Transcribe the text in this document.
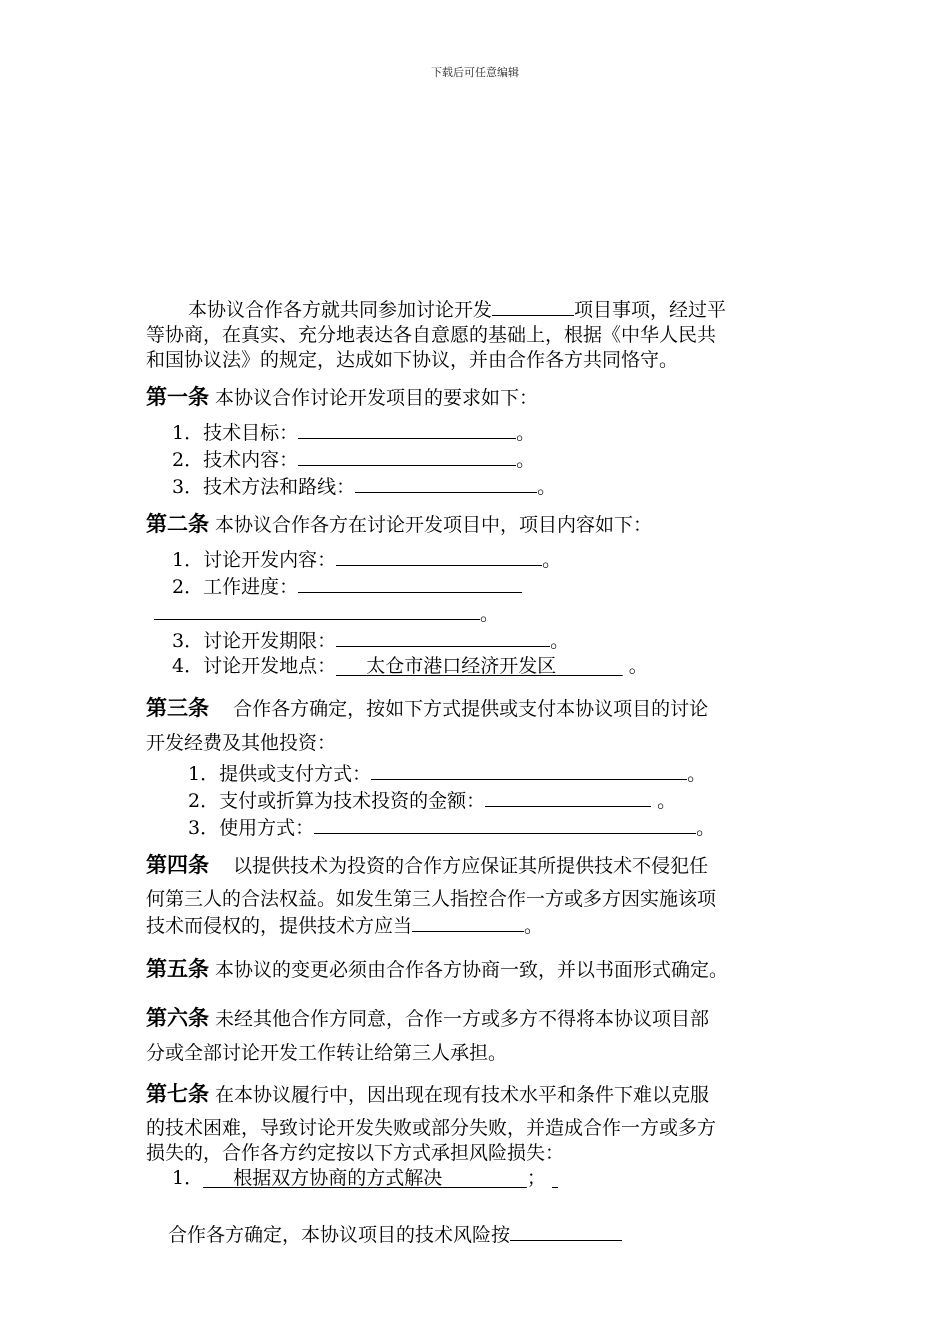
下载后可任意编辑

本协议合作各方就共同参加讨论开发	项目事项，经过平
等协商，在真实、充分地表达各自意愿的基础上，根据《中华人民共
和国协议法》的规定，达成如下协议，并由合作各方共同恪守。

第一条 本协议合作讨论开发项目的要求如下：

1．技术目标：	。

2．技术内容：	。

3．技术方法和路线：	。

第二条 本协议合作各方在讨论开发项目中，项目内容如下：

1．讨论开发内容：	。

2．工作进度：

。

3．讨论开发期限：	。

4．讨论开发地点： 太仓市港口经济开发区	。

第三条 合作各方确定，按如下方式提供或支付本协议项目的讨论
开发经费及其他投资：

1．提供或支付方式：	。

2．支付或折算为技术投资的金额：	。

3．使用方式：	。

第四条 以提供技术为投资的合作方应保证其所提供技术不侵犯任

何第三人的合法权益。如发生第三人指控合作一方或多方因实施该项
技术而侵权的，提供技术方应当	。

第五条 本协议的变更必须由合作各方协商一致，并以书面形式确定。

第六条 未经其他合作方同意，合作一方或多方不得将本协议项目部
分或全部讨论开发工作转让给第三人承担。

第七条 在本协议履行中，因出现在现有技术水平和条件下难以克服

的技术困难，导致讨论开发失败或部分失败，并造成合作一方或多方
损失的，合作各方约定按以下方式承担风险损失：

1． 根据双方协商的方式解决	；

合作各方确定，本协议项目的技术风险按
